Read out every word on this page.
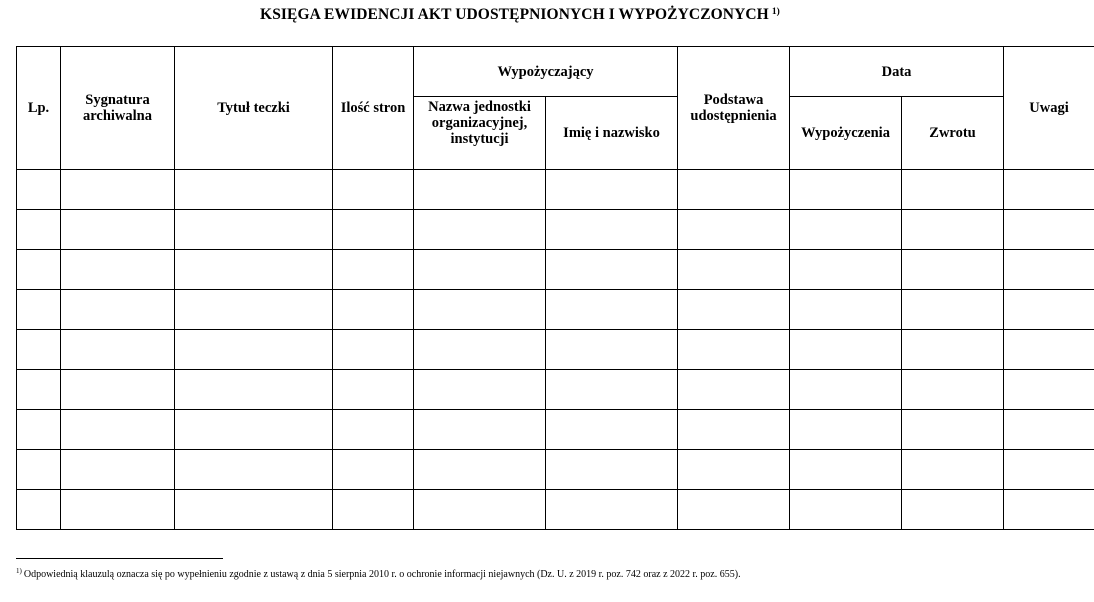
KSIĘGA EWIDENCJI AKT UDOSTĘPNIONYCH I WYPOŻYCZONYCH $^{1)}$
Lp.	Sygnatura archiwalna	Tytuł teczki	Ilość stron	Wypożyczający		Podstawa udostępnienia	Data		Uwagi
				Nazwa jednostki organizacyjnej, instytucji	Imię i nazwisko		Wypożyczenia	Zwrotu	

$^{1)}$ Odpowiednią klauzulą oznacza się po wypełnieniu zgodnie z ustawą z dnia 5 sierpnia 2010 r. o ochronie informacji niejawnych (Dz. U. z 2019 r. poz. 742 oraz z 2022 r. poz. 655).
